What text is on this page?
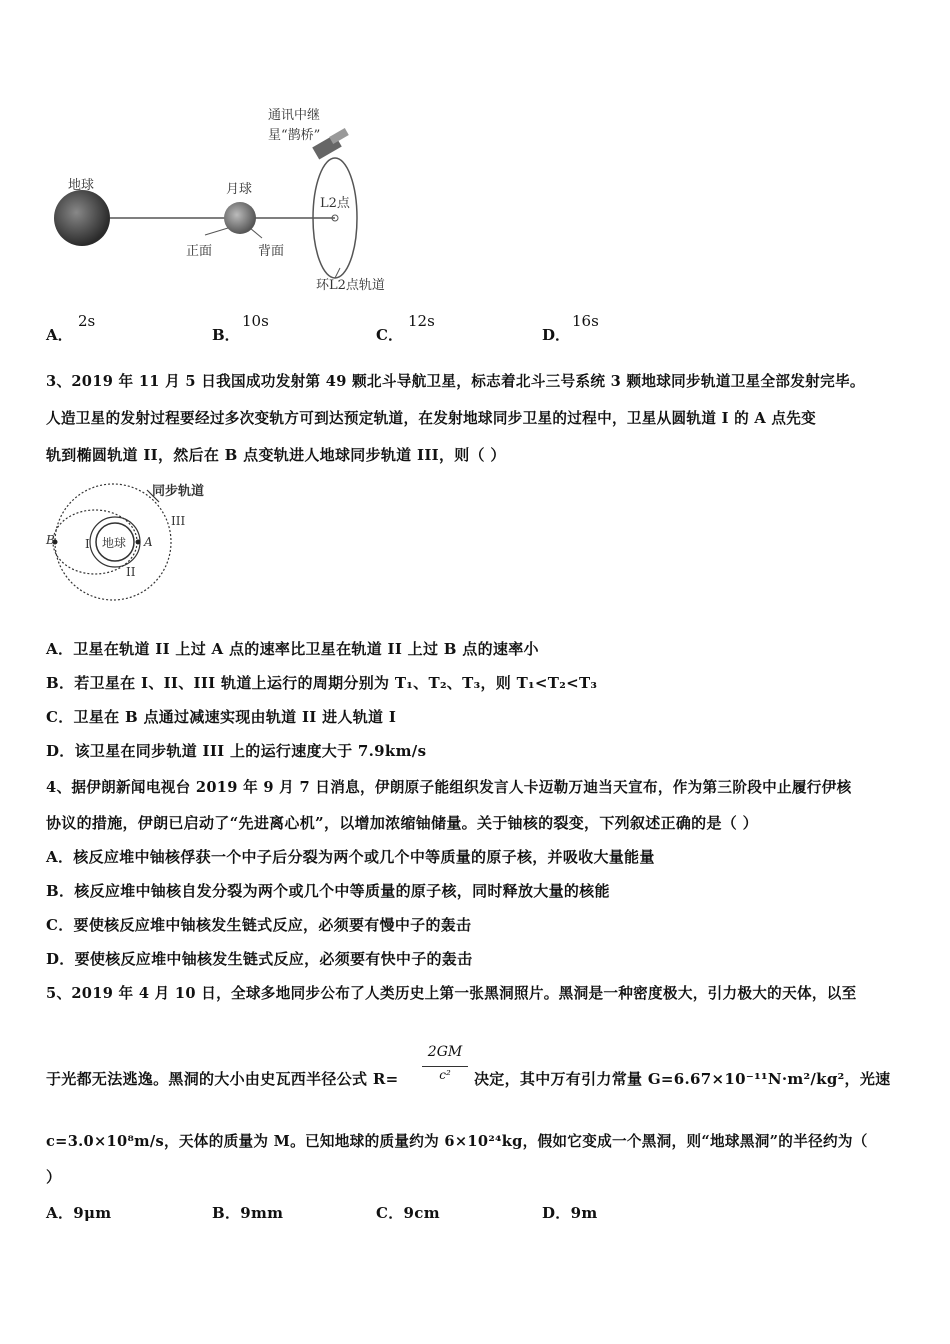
通讯中继
星“鹊桥”
地球	月球
L2点
正面	背面
环L2点轨道
A．
2s
B．
10s
C．
12s
D．
16s
3、2019 年 11 月 5 日我国成功发射第 49 颗北斗导航卫星，标志着北斗三号系统 3 颗地球同步轨道卫星全部发射完毕。
人造卫星的发射过程要经过多次变轨方可到达预定轨道，在发射地球同步卫星的过程中，卫星从圆轨道 I 的 A 点先变
轨到椭圆轨道 II，然后在 B 点变轨进人地球同步轨道 III，则（ ）
同步轨道
地球
I
II
III
A
B
A．卫星在轨道 II 上过 A 点的速率比卫星在轨道 II 上过 B 点的速率小
B．若卫星在 I、II、III 轨道上运行的周期分别为 T₁、T₂、T₃，则 T₁<T₂<T₃
C．卫星在 B 点通过减速实现由轨道 II 进人轨道 I
D．该卫星在同步轨道 III 上的运行速度大于 7.9km/s
4、据伊朗新闻电视台 2019 年 9 月 7 日消息，伊朗原子能组织发言人卡迈勒万迪当天宣布，作为第三阶段中止履行伊核
协议的措施，伊朗已启动了“先进离心机”，以增加浓缩铀储量。关于铀核的裂变，下列叙述正确的是（ ）
A．核反应堆中铀核俘获一个中子后分裂为两个或几个中等质量的原子核，并吸收大量能量
B．核反应堆中铀核自发分裂为两个或几个中等质量的原子核，同时释放大量的核能
C．要使核反应堆中铀核发生链式反应，必须要有慢中子的轰击
D．要使核反应堆中铀核发生链式反应，必须要有快中子的轰击
5、2019 年 4 月 10 日，全球多地同步公布了人类历史上第一张黑洞照片。黑洞是一种密度极大，引力极大的天体，以至
于光都无法逃逸。黑洞的大小由史瓦西半径公式 R=
2GM
c²	决定，其中万有引力常量 G=6.67×10⁻¹¹N·m²/kg²，光速
c=3.0×10⁸m/s，天体的质量为 M。已知地球的质量约为 6×10²⁴kg，假如它变成一个黑洞，则“地球黑洞”的半径约为（
）
A．9μm	B．9mm	C．9cm	D．9m
